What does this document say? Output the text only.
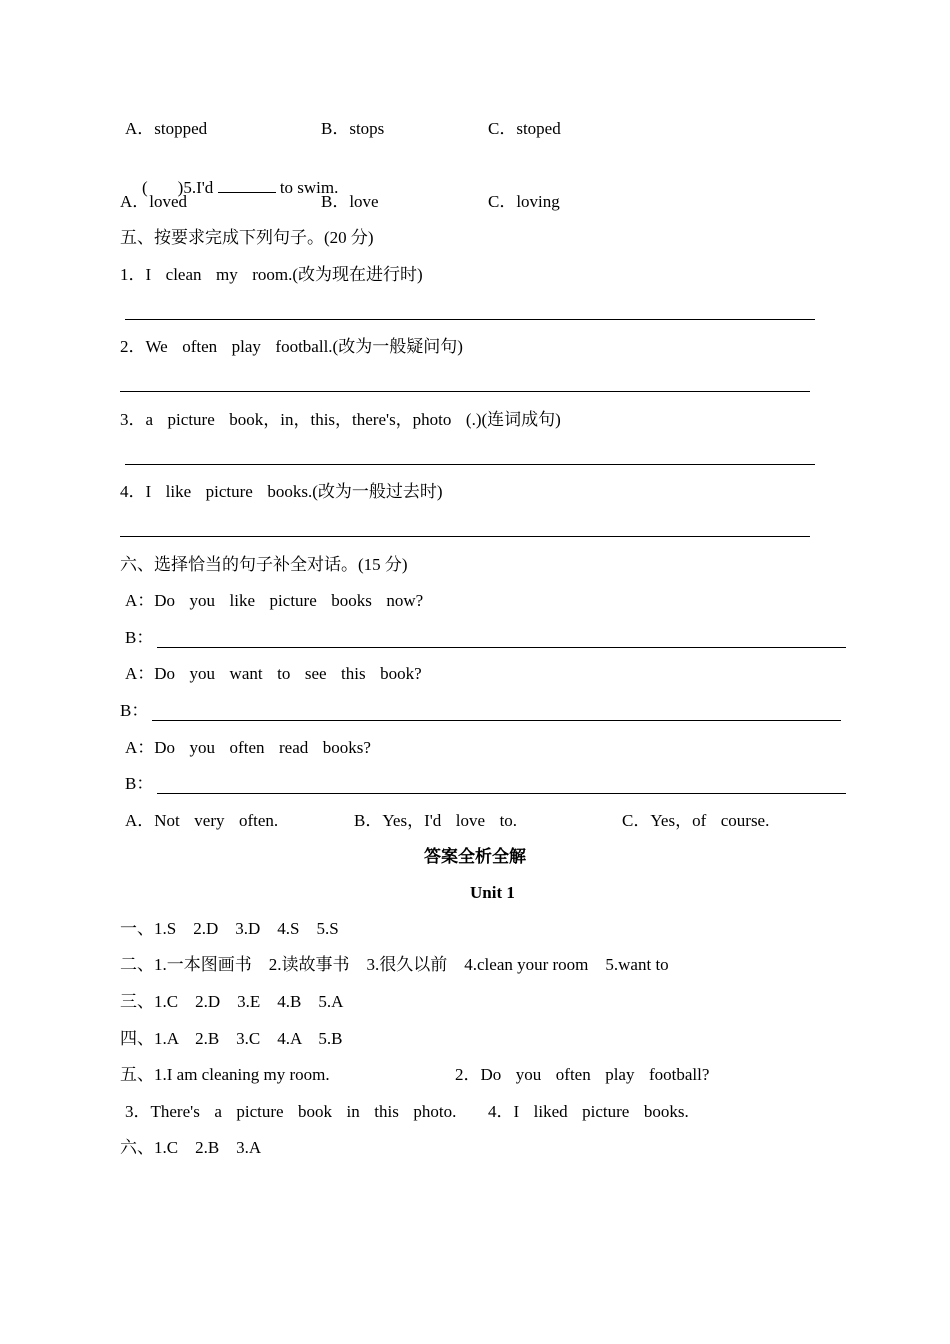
A．stopped	B．stops	C．stoped

( )5.I'd	to swim.

A．loved	B．love	C．loving
五、按要求完成下列句子。(20 分)
1．I  clean  my  room.(改为现在进行时)
2．We  often  play  football.(改为一般疑问句)
3．a  picture  book，in，this，there's，photo  (.)(连词成句)
4．I  like  picture  books.(改为一般过去时)
六、选择恰当的句子补全对话。(15 分)
A：Do  you  like  picture  books  now?
B：
A：Do  you  want  to  see  this  book?
B：
A：Do  you  often  read  books?
B：
A．Not  very  often.	B．Yes，I'd  love  to.	C．Yes，of  course.
答案全析全解
Unit 1
一、1.S    2.D    3.D    4.S    5.S
二、1.一本图画书    2.读故事书    3.很久以前    4.clean your room    5.want to
三、1.C    2.D    3.E    4.B    5.A
四、1.A    2.B    3.C    4.A    5.B
五、1.I am cleaning my room.	2．Do  you  often  play  football?
3．There's  a  picture  book  in  this  photo. 4．I  liked  picture  books.
六、1.C    2.B    3.A
